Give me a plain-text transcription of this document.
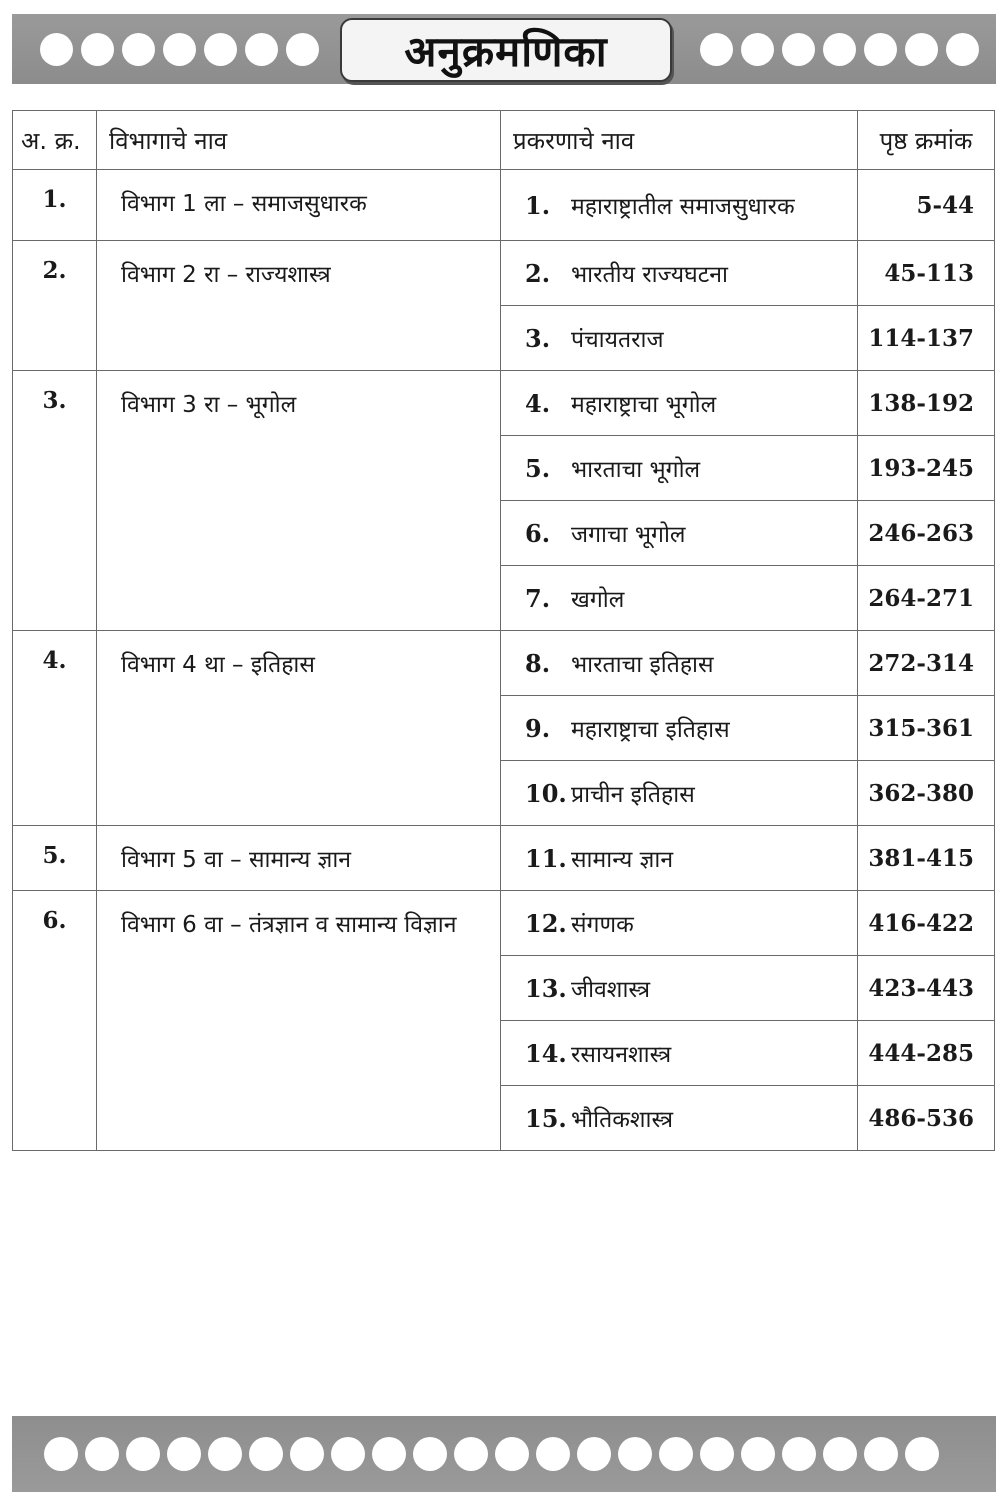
अनुक्रमणिका
अ. क्र.	विभागाचे नाव	प्रकरणाचे नाव	पृष्ठ क्रमांक

1.	विभाग 1 ला – समाजसुधारक	1. महाराष्ट्रातील समाजसुधारक	5-44

2.	विभाग 2 रा – राज्यशास्त्र	2. भारतीय राज्यघटना	45-113
		3. पंचायतराज	114-137

3.	विभाग 3 रा – भूगोल	4. महाराष्ट्राचा भूगोल	138-192
		5. भारताचा भूगोल	193-245
		6. जगाचा भूगोल	246-263
		7. खगोल	264-271

4.	विभाग 4 था – इतिहास	8. भारताचा इतिहास	272-314
		9. महाराष्ट्राचा इतिहास	315-361
		10. प्राचीन इतिहास	362-380

5.	विभाग 5 वा – सामान्य ज्ञान	11. सामान्य ज्ञान	381-415

6.	विभाग 6 वा – तंत्रज्ञान व सामान्य विज्ञान	12. संगणक	416-422
		13. जीवशास्त्र	423-443
		14. रसायनशास्त्र	444-285
		15. भौतिकशास्त्र	486-536
